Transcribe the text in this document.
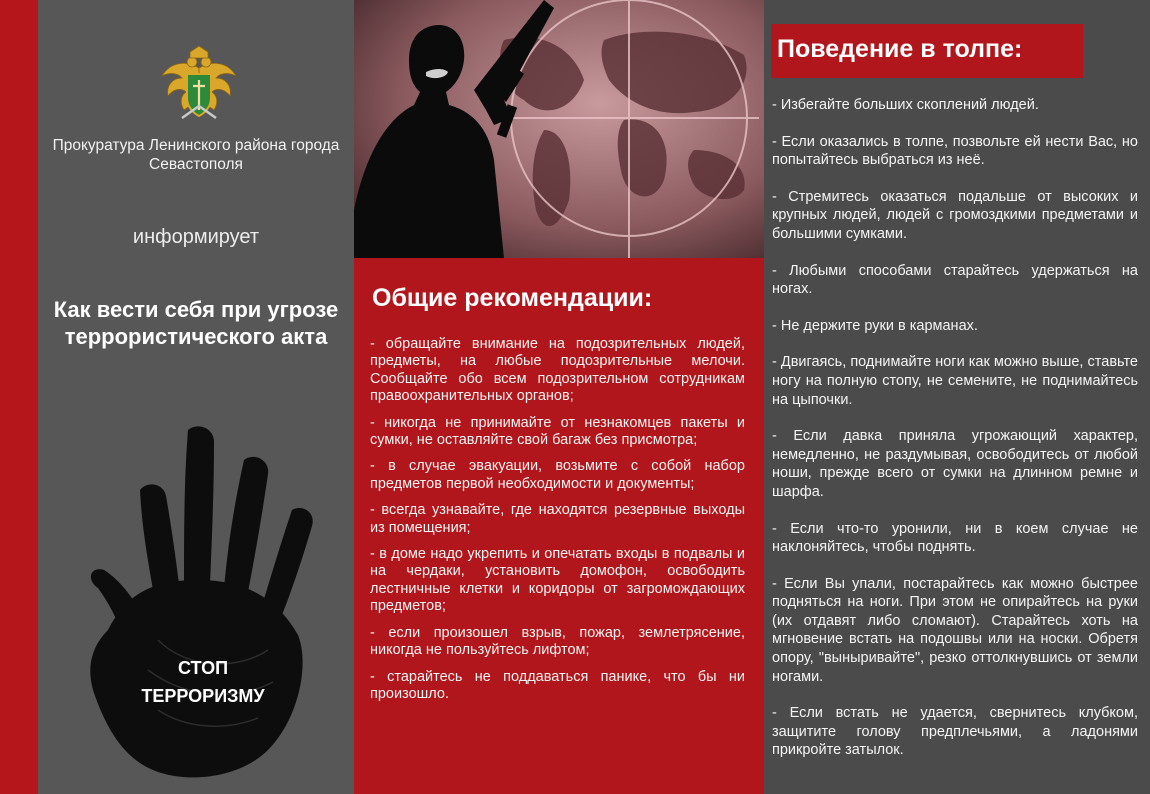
Прокуратура Ленинского района города Севастополя
информирует
Как вести себя при угрозе террористического акта
СТОП
ТЕРРОРИЗМУ
Общие рекомендации:
- обращайте внимание на подозрительных людей, предметы, на любые подозрительные мелочи. Сообщайте обо всем подозрительном сотрудникам правоохранительных органов;
- никогда не принимайте от незнакомцев пакеты и сумки, не оставляйте свой багаж без присмотра;
- в случае эвакуации, возьмите с собой набор предметов первой необходимости и документы;
- всегда узнавайте, где находятся резервные выходы из помещения;
- в доме надо укрепить и опечатать входы в подвалы и на чердаки, установить домофон, освободить лестничные клетки и коридоры от загромождающих предметов;
- если произошел взрыв, пожар, землетрясение, никогда не пользуйтесь лифтом;
- старайтесь не поддаваться панике, что бы ни произошло.
Поведение в толпе:
- Избегайте больших скоплений людей.
- Если оказались в толпе, позвольте ей нести Вас, но попытайтесь выбраться из неё.
- Стремитесь оказаться подальше от высоких и крупных людей, людей с громоздкими предметами и большими сумками.
- Любыми способами старайтесь удержаться на ногах.
- Не держите руки в карманах.
- Двигаясь, поднимайте ноги как можно выше, ставьте ногу на полную стопу, не семените, не поднимайтесь на цыпочки.
- Если давка приняла угрожающий характер, немедленно, не раздумывая, освободитесь от любой ноши, прежде всего от сумки на длинном ремне и шарфа.
- Если что-то уронили, ни в коем случае не наклоняйтесь, чтобы поднять.
- Если Вы упали, постарайтесь как можно быстрее подняться на ноги. При этом не опирайтесь на руки (их отдавят либо сломают). Старайтесь хоть на мгновение встать на подошвы или на носки. Обретя опору, "выныривайте", резко оттолкнувшись от земли ногами.
- Если встать не удается, свернитесь клубком, защитите голову предплечьями, а ладонями прикройте затылок.
